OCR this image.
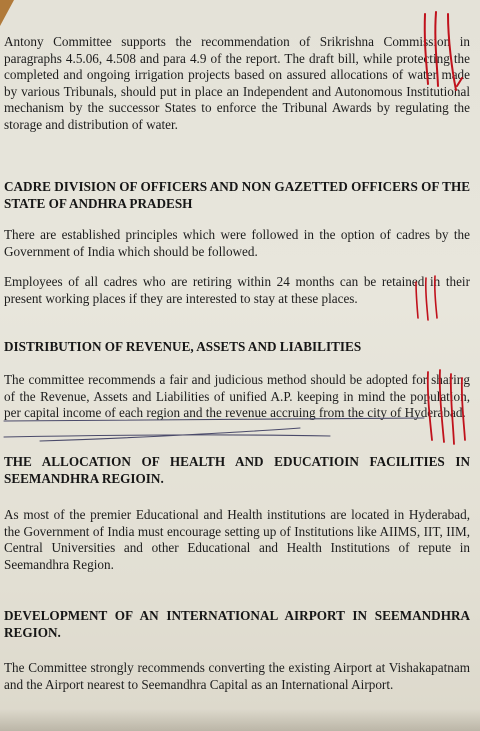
Antony Committee supports the recommendation of Srikrishna Commission in paragraphs 4.5.06, 4.508 and para 4.9 of the report. The draft bill, while protecting the completed and ongoing irrigation projects based on assured allocations of water made by various Tribunals, should put in place an Independent and Autonomous Institutional mechanism by the successor States to enforce the Tribunal Awards by regulating the storage and distribution of water.

CADRE DIVISION OF OFFICERS AND NON GAZETTED OFFICERS OF THE STATE OF ANDHRA PRADESH

There are established principles which were followed in the option of cadres by the Government of India which should be followed.

Employees of all cadres who are retiring within 24 months can be retained in their present working places if they are interested to stay at these places.

DISTRIBUTION OF REVENUE, ASSETS AND LIABILITIES

The committee recommends a fair and judicious method should be adopted for sharing of the Revenue, Assets and Liabilities of unified A.P. keeping in mind the population, per capital income of each region and the revenue accruing from the city of Hyderabad.

THE ALLOCATION OF HEALTH AND EDUCATIOIN FACILITIES IN SEEMANDHRA REGIOIN.

As most of the premier Educational and Health institutions are located in Hyderabad, the Government of India must encourage setting up of Institutions like AIIMS, IIT, IIM, Central Universities and other Educational and Health Institutions of repute in Seemandhra Region.

DEVELOPMENT OF AN INTERNATIONAL AIRPORT IN SEEMANDHRA REGION.

The Committee strongly recommends converting the existing Airport at Vishakapatnam and the Airport nearest to Seemandhra Capital as an International Airport.
